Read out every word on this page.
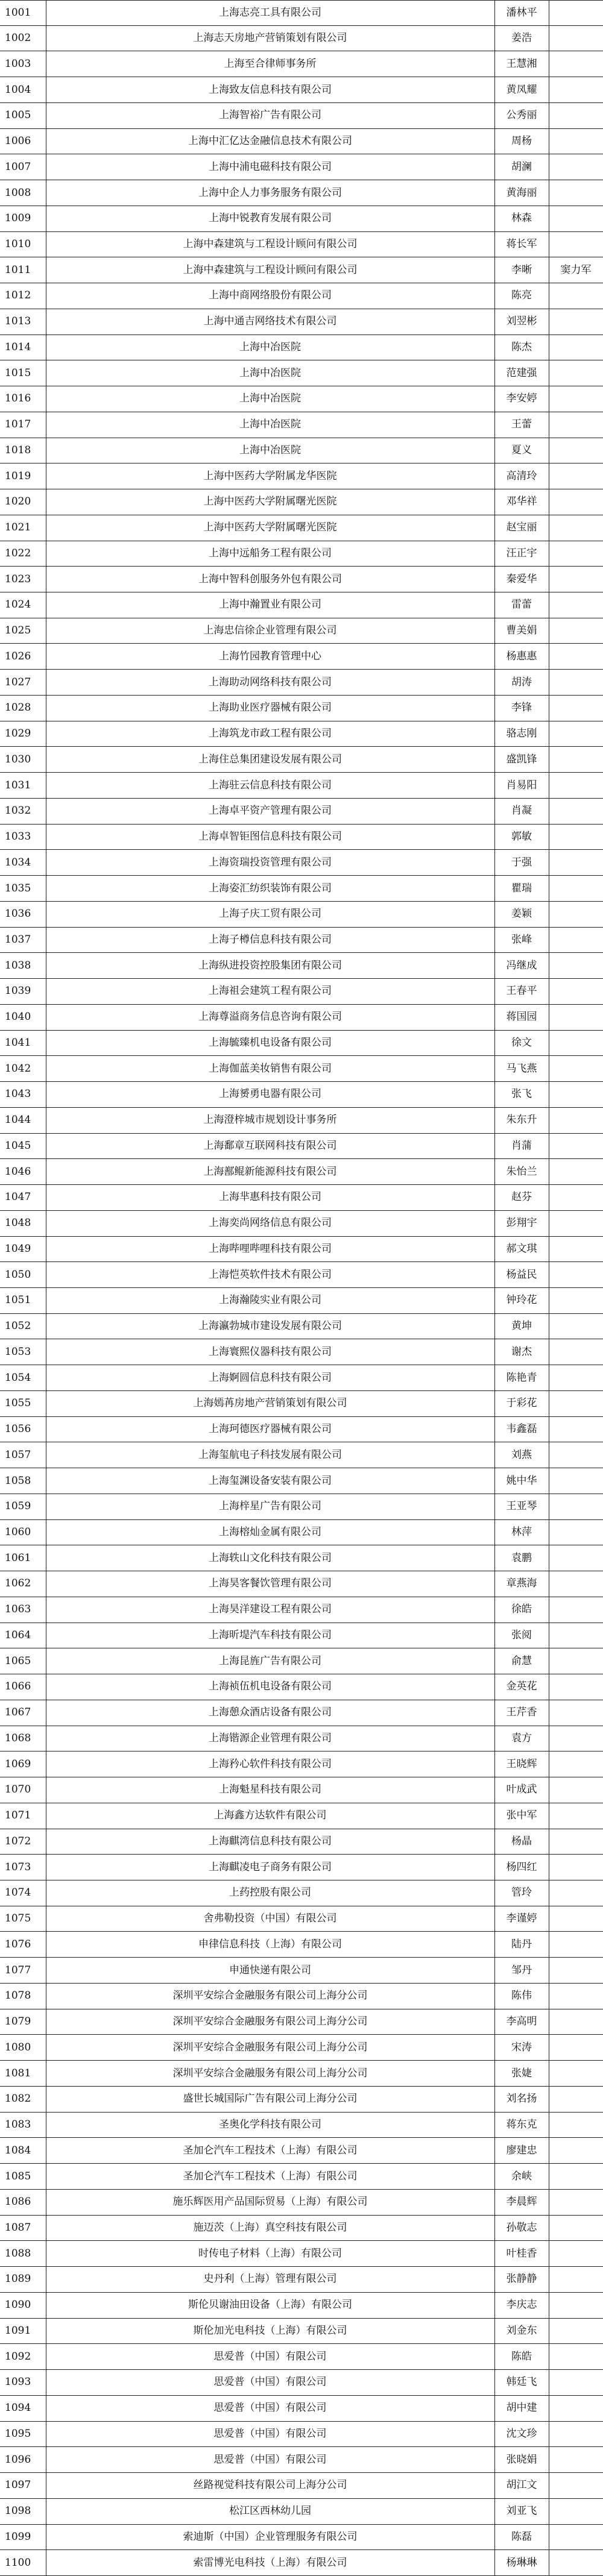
1001	上海志亮工具有限公司	潘林平
1002	上海志天房地产营销策划有限公司	姜浩
1003	上海至合律师事务所	王慧湘
1004	上海致友信息科技有限公司	黄凤耀
1005	上海智裕广告有限公司	公秀丽
1006	上海中汇亿达金融信息技术有限公司	周杨
1007	上海中浦电磁科技有限公司	胡澜
1008	上海中企人力事务服务有限公司	黄海丽
1009	上海中锐教育发展有限公司	林森
1010	上海中森建筑与工程设计顾问有限公司	蒋长军
1011	上海中森建筑与工程设计顾问有限公司	李晰	窦力军
1012	上海中商网络股份有限公司	陈亮
1013	上海中通吉网络技术有限公司	刘翌彬
1014	上海中冶医院	陈杰
1015	上海中冶医院	范建强
1016	上海中冶医院	李安婷
1017	上海中冶医院	王蕾
1018	上海中冶医院	夏义
1019	上海中医药大学附属龙华医院	高清玲
1020	上海中医药大学附属曙光医院	邓华祥
1021	上海中医药大学附属曙光医院	赵宝丽
1022	上海中远船务工程有限公司	汪正宇
1023	上海中智科创服务外包有限公司	秦爱华
1024	上海中瀚置业有限公司	雷蕾
1025	上海忠信徐企业管理有限公司	曹美娟
1026	上海竹园教育管理中心	杨惠惠
1027	上海助动网络科技有限公司	胡涛
1028	上海助业医疗器械有限公司	李锋
1029	上海筑龙市政工程有限公司	骆志刚
1030	上海住总集团建设发展有限公司	盛凯锋
1031	上海驻云信息科技有限公司	肖易阳
1032	上海卓平资产管理有限公司	肖凝
1033	上海卓智钜图信息科技有限公司	郭敏
1034	上海资瑞投资管理有限公司	于强
1035	上海姿汇纺织装饰有限公司	瞿瑞
1036	上海子庆工贸有限公司	姜颖
1037	上海子樽信息科技有限公司	张峰
1038	上海纵进投资控股集团有限公司	冯继成
1039	上海祖会建筑工程有限公司	王春平
1040	上海尊溢商务信息咨询有限公司	蒋国园
1041	上海毓臻机电设备有限公司	徐文
1042	上海伽蓝美妆销售有限公司	马飞燕
1043	上海赟勇电器有限公司	张飞
1044	上海澄梓城市规划设计事务所	朱东升
1045	上海鄱章互联网科技有限公司	肖蒲
1046	上海鄯鲲新能源科技有限公司	朱怡兰
1047	上海芈惠科技有限公司	赵芬
1048	上海奕尚网络信息有限公司	彭翔宇
1049	上海哔哩哔哩科技有限公司	郝文琪
1050	上海恺英软件技术有限公司	杨益民
1051	上海瀚陵实业有限公司	钟玲花
1052	上海瀛勃城市建设发展有限公司	黄坤
1053	上海寰熙仪器科技有限公司	谢杰
1054	上海婀圆信息科技有限公司	陈艳青
1055	上海嫣苒房地产营销策划有限公司	于彩花
1056	上海珂德医疗器械有限公司	韦鑫磊
1057	上海玺航电子科技发展有限公司	刘燕
1058	上海玺渊设备安装有限公司	姚中华
1059	上海梓星广告有限公司	王亚琴
1060	上海榕灿金属有限公司	林萍
1061	上海轶山文化科技有限公司	袁鹏
1062	上海昊客餐饮管理有限公司	章燕海
1063	上海昊洋建设工程有限公司	徐皓
1064	上海昕堤汽车科技有限公司	张阅
1065	上海昆旌广告有限公司	俞慧
1066	上海祯伍机电设备有限公司	金英花
1067	上海憩众酒店设备有限公司	王芹香
1068	上海锴源企业管理有限公司	袁方
1069	上海矜心软件科技有限公司	王晓辉
1070	上海魁星科技有限公司	叶成武
1071	上海鑫方达软件有限公司	张中军
1072	上海麒湾信息科技有限公司	杨晶
1073	上海麒凌电子商务有限公司	杨四红
1074	上药控股有限公司	管玲
1075	舍弗勒投资（中国）有限公司	李谨婷
1076	申律信息科技（上海）有限公司	陆丹
1077	申通快递有限公司	邹丹
1078	深圳平安综合金融服务有限公司上海分公司	陈伟
1079	深圳平安综合金融服务有限公司上海分公司	李高明
1080	深圳平安综合金融服务有限公司上海分公司	宋涛
1081	深圳平安综合金融服务有限公司上海分公司	张婕
1082	盛世长城国际广告有限公司上海分公司	刘名扬
1083	圣奥化学科技有限公司	蒋东克
1084	圣加仑汽车工程技术（上海）有限公司	廖建忠
1085	圣加仑汽车工程技术（上海）有限公司	余峡
1086	施乐辉医用产品国际贸易（上海）有限公司	李晨辉
1087	施迈茨（上海）真空科技有限公司	孙敬志
1088	时传电子材料（上海）有限公司	叶桂香
1089	史丹利（上海）管理有限公司	张静静
1090	斯伦贝谢油田设备（上海）有限公司	李庆志
1091	斯伦加光电科技（上海）有限公司	刘金东
1092	思爱普（中国）有限公司	陈皓
1093	思爱普（中国）有限公司	韩廷飞
1094	思爱普（中国）有限公司	胡中建
1095	思爱普（中国）有限公司	沈文珍
1096	思爱普（中国）有限公司	张晓娟
1097	丝路视觉科技有限公司上海分公司	胡江文
1098	松江区西林幼儿园	刘亚飞
1099	索迪斯（中国）企业管理服务有限公司	陈磊
1100	索雷博光电科技（上海）有限公司	杨琳琳
